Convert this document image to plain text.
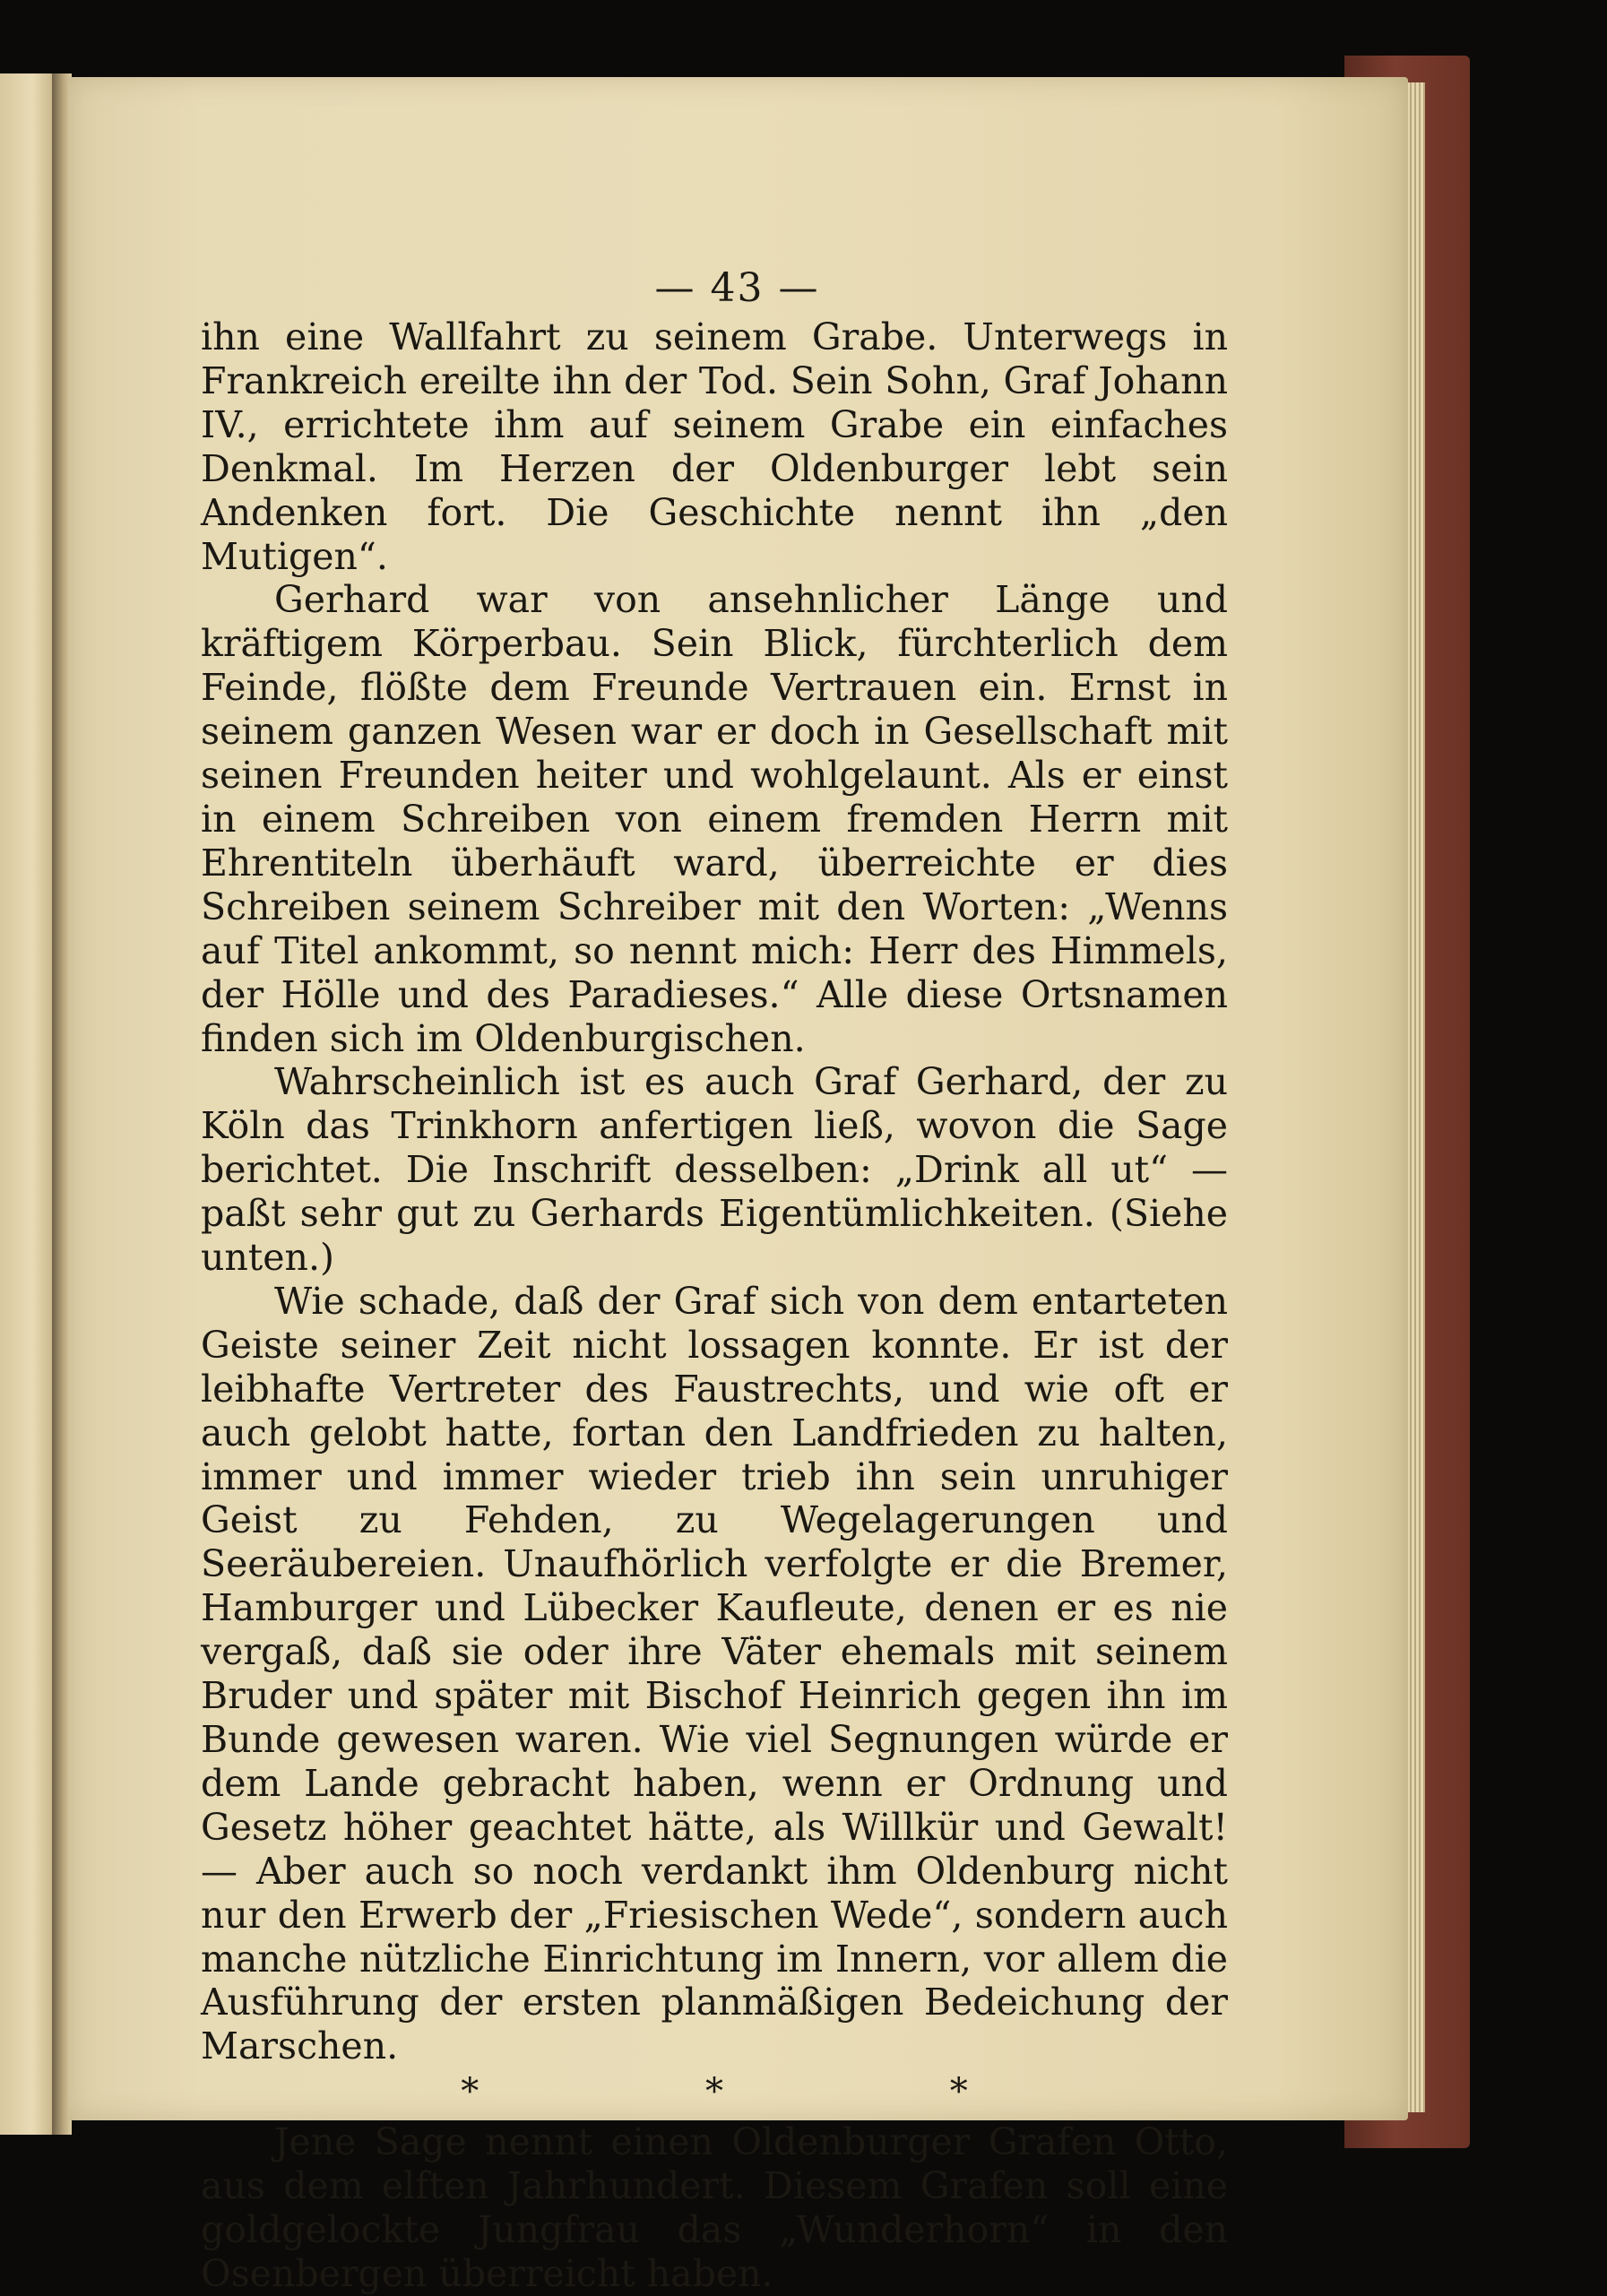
— 43 —

ihn eine Wallfahrt zu seinem Grabe. Unterwegs in Frankreich ereilte ihn der Tod. Sein Sohn, Graf Johann IV., errichtete ihm auf seinem Grabe ein einfaches Denkmal. Im Herzen der Oldenburger lebt sein Andenken fort. Die Geschichte nennt ihn „den Mutigen“.

Gerhard war von ansehnlicher Länge und kräftigem Körperbau. Sein Blick, fürchterlich dem Feinde, flößte dem Freunde Vertrauen ein. Ernst in seinem ganzen Wesen war er doch in Gesellschaft mit seinen Freunden heiter und wohlgelaunt. Als er einst in einem Schreiben von einem fremden Herrn mit Ehrentiteln überhäuft ward, überreichte er dies Schreiben seinem Schreiber mit den Worten: „Wenns auf Titel ankommt, so nennt mich: Herr des Himmels, der Hölle und des Paradieses.“ Alle diese Ortsnamen finden sich im Oldenburgischen.

Wahrscheinlich ist es auch Graf Gerhard, der zu Köln das Trinkhorn anfertigen ließ, wovon die Sage berichtet. Die Inschrift desselben: „Drink all ut“ — paßt sehr gut zu Gerhards Eigentümlichkeiten. (Siehe unten.)

Wie schade, daß der Graf sich von dem entarteten Geiste seiner Zeit nicht lossagen konnte. Er ist der leibhafte Vertreter des Faustrechts, und wie oft er auch gelobt hatte, fortan den Landfrieden zu halten, immer und immer wieder trieb ihn sein unruhiger Geist zu Fehden, zu Wegelagerungen und Seeräubereien. Unaufhörlich verfolgte er die Bremer, Hamburger und Lübecker Kaufleute, denen er es nie vergaß, daß sie oder ihre Väter ehemals mit seinem Bruder und später mit Bischof Heinrich gegen ihn im Bunde gewesen waren. Wie viel Segnungen würde er dem Lande gebracht haben, wenn er Ordnung und Gesetz höher geachtet hätte, als Willkür und Gewalt! — Aber auch so noch verdankt ihm Oldenburg nicht nur den Erwerb der „Friesischen Wede“, sondern auch manche nützliche Einrichtung im Innern, vor allem die Ausführung der ersten planmäßigen Bedeichung der Marschen.

* * *

Jene Sage nennt einen Oldenburger Grafen Otto, aus dem elften Jahrhundert. Diesem Grafen soll eine goldgelockte Jungfrau das „Wunderhorn“ in den Osenbergen überreicht haben.
